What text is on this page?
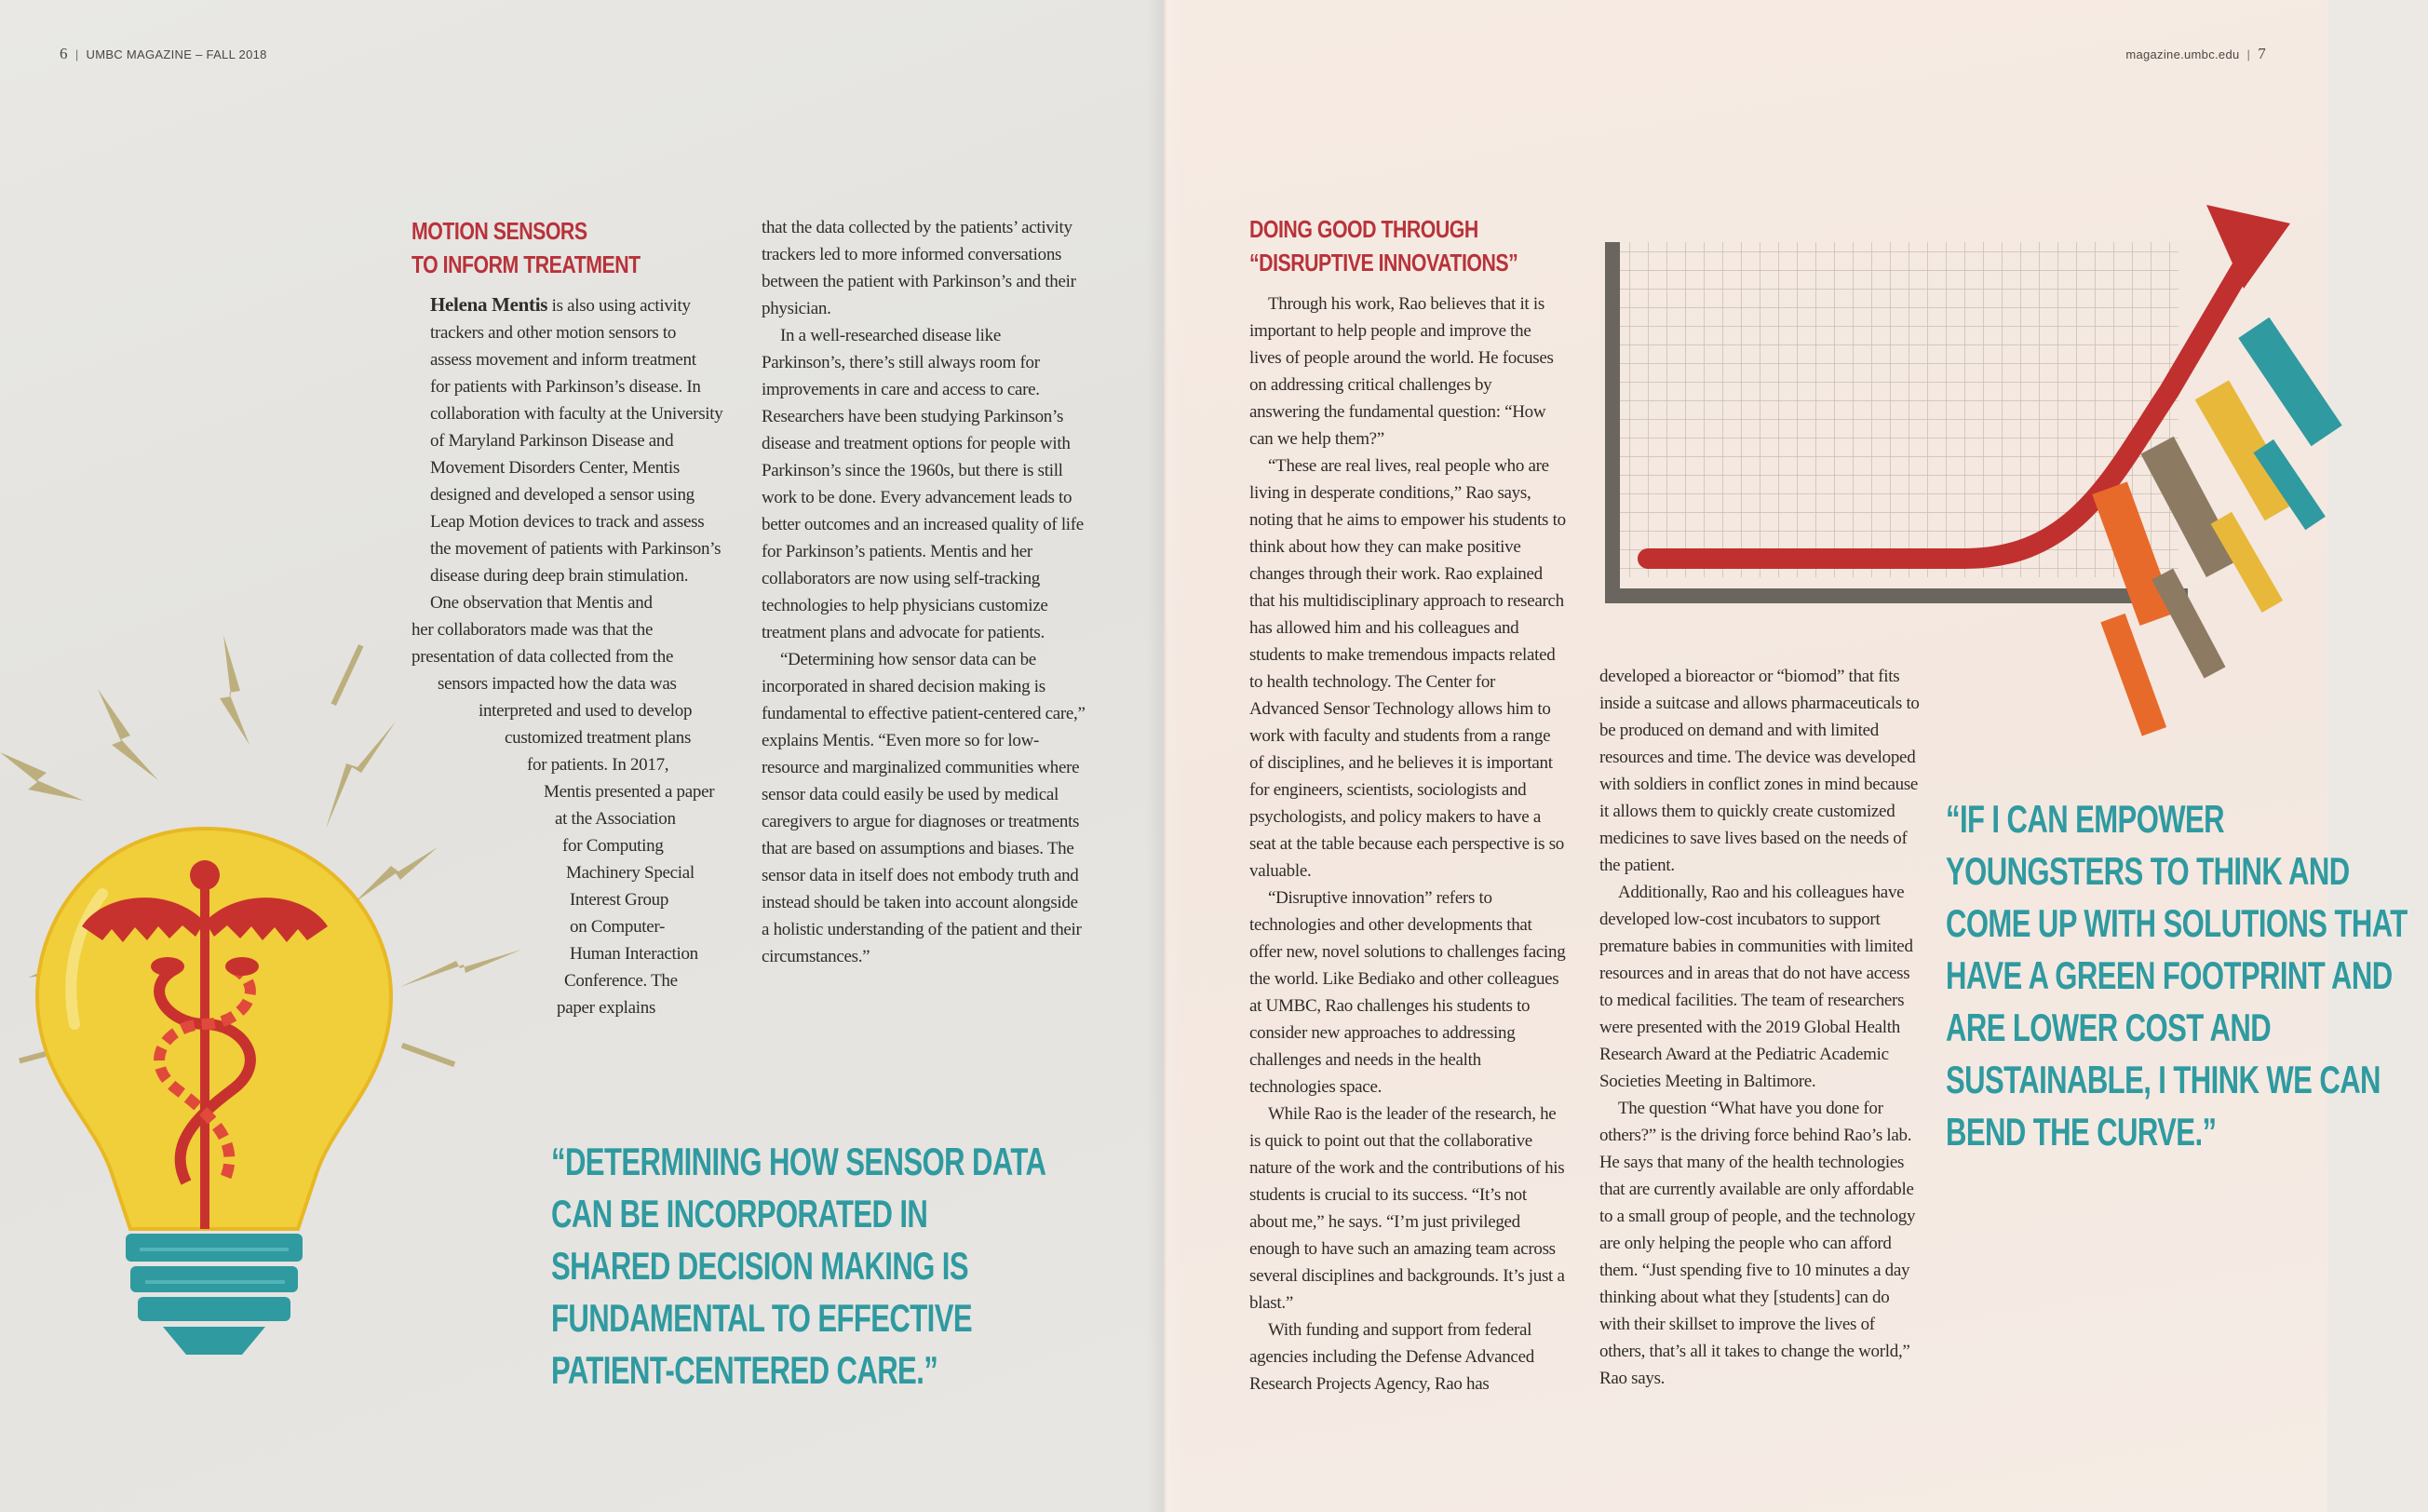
6 | UMBC MAGAZINE – FALL 2018
MOTION SENSORS
TO INFORM TREATMENT

Helena Mentis is also using activity
trackers and other motion sensors to
assess movement and inform treatment
for patients with Parkinson’s disease. In
collaboration with faculty at the University
of Maryland Parkinson Disease and
Movement Disorders Center, Mentis
designed and developed a sensor using
Leap Motion devices to track and assess
the movement of patients with Parkinson’s
disease during deep brain stimulation.

One observation that Mentis and
her collaborators made was that the
presentation of data collected from the
sensors impacted how the data was
interpreted and used to develop
customized treatment plans
for patients. In 2017,
Mentis presented a paper
at the Association
for Computing
Machinery Special
Interest Group
on Computer-
Human Interaction
Conference. The
paper explains

that the data collected by the patients’ activity trackers led to more informed conversations between the patient with Parkinson’s and their physician.

In a well-researched disease like Parkinson’s, there’s still always room for improvements in care and access to care. Researchers have been studying Parkinson’s disease and treatment options for people with Parkinson’s since the 1960s, but there is still work to be done. Every advancement leads to better outcomes and an increased quality of life for Parkinson’s patients. Mentis and her collaborators are now using self-tracking technologies to help physicians customize treatment plans and advocate for patients.

“Determining how sensor data can be incorporated in shared decision making is fundamental to effective patient-centered care,” explains Mentis. “Even more so for low-resource and marginalized communities where sensor data could easily be used by medical caregivers to argue for diagnoses or treatments that are based on assumptions and biases. The sensor data in itself does not embody truth and instead should be taken into account alongside a holistic understanding of the patient and their circumstances.”

“DETERMINING HOW SENSOR DATA CAN BE INCORPORATED IN SHARED DECISION MAKING IS FUNDAMENTAL TO EFFECTIVE PATIENT-CENTERED CARE.”
magazine.umbc.edu | 7
DOING GOOD THROUGH
“DISRUPTIVE INNOVATIONS”

Through his work, Rao believes that it is important to help people and improve the lives of people around the world. He focuses on addressing critical challenges by answering the fundamental question: “How can we help them?”

“These are real lives, real people who are living in desperate conditions,” Rao says, noting that he aims to empower his students to think about how they can make positive changes through their work. Rao explained that his multidisciplinary approach to research has allowed him and his colleagues and students to make tremendous impacts related to health technology. The Center for Advanced Sensor Technology allows him to work with faculty and students from a range of disciplines, and he believes it is important for engineers, scientists, sociologists and psychologists, and policy makers to have a seat at the table because each perspective is so valuable.

“Disruptive innovation” refers to technologies and other developments that offer new, novel solutions to challenges facing the world. Like Bediako and other colleagues at UMBC, Rao challenges his students to consider new approaches to addressing challenges and needs in the health technologies space.

While Rao is the leader of the research, he is quick to point out that the collaborative nature of the work and the contributions of his students is crucial to its success. “It’s not about me,” he says. “I’m just privileged enough to have such an amazing team across several disciplines and backgrounds. It’s just a blast.”

With funding and support from federal agencies including the Defense Advanced Research Projects Agency, Rao has

developed a bioreactor or “biomod” that fits inside a suitcase and allows pharmaceuticals to be produced on demand and with limited resources and time. The device was developed with soldiers in conflict zones in mind because it allows them to quickly create customized medicines to save lives based on the needs of the patient.

Additionally, Rao and his colleagues have developed low-cost incubators to support premature babies in communities with limited resources and in areas that do not have access to medical facilities. The team of researchers were presented with the 2019 Global Health Research Award at the Pediatric Academic Societies Meeting in Baltimore.

The question “What have you done for others?” is the driving force behind Rao’s lab. He says that many of the health technologies that are currently available are only affordable to a small group of people, and the technology are only helping the people who can afford them. “Just spending five to 10 minutes a day thinking about what they [students] can do with their skillset to improve the lives of others, that’s all it takes to change the world,” Rao says.

“IF I CAN EMPOWER YOUNGSTERS TO THINK AND COME UP WITH SOLUTIONS THAT HAVE A GREEN FOOTPRINT AND ARE LOWER COST AND SUSTAINABLE, I THINK WE CAN BEND THE CURVE.”
